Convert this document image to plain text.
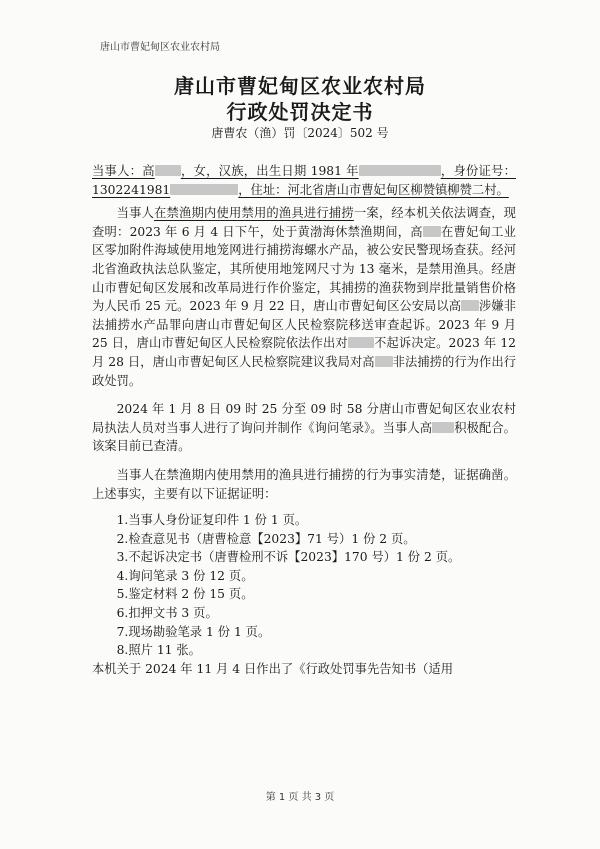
唐山市曹妃甸区农业农村局
唐山市曹妃甸区农业农村局
行政处罚决定书
唐曹农（渔）罚〔2024〕502 号

当事人：高 ，女，汉族，出生日期 1981 年	，身份证号：1302241981	，住址：河北省唐山市曹妃甸区柳赞镇柳赞二村。

当事人在禁渔期内使用禁用的渔具进行捕捞一案，经本机关依法调查，现查明：2023 年 6 月 4 日下午，处于黄渤海休禁渔期间，高 在曹妃甸工业区零加附件海域使用地笼网进行捕捞海螺水产品，被公安民警现场查获。经河北省渔政执法总队鉴定，其所使用地笼网尺寸为 13 毫米，是禁用渔具。经唐山市曹妃甸区发展和改革局进行作价鉴定，其捕捞的渔获物到岸批量销售价格为人民币 25 元。2023 年 9 月 22 日，唐山市曹妃甸区公安局以高 涉嫌非法捕捞水产品罪向唐山市曹妃甸区人民检察院移送审查起诉。2023 年 9 月 25 日，唐山市曹妃甸区人民检察院依法作出对 不起诉决定。2023 年 12 月 28 日，唐山市曹妃甸区人民检察院建议我局对高 非法捕捞的行为作出行政处罚。

2024 年 1 月 8 日 09 时 25 分至 09 时 58 分唐山市曹妃甸区农业农村局执法人员对当事人进行了询问并制作《询问笔录》。当事人高 积极配合。该案目前已查清。

当事人在禁渔期内使用禁用的渔具进行捕捞的行为事实清楚，证据确凿。上述事实，主要有以下证据证明：

1.当事人身份证复印件 1 份 1 页。

2.检查意见书（唐曹检意【2023】71 号）1 份 2 页。

3.不起诉决定书（唐曹检刑不诉【2023】170 号）1 份 2 页。

4.询问笔录 3 份 12 页。

5.鉴定材料 2 份 15 页。

6.扣押文书 3 页。

7.现场勘验笔录 1 份 1 页。

8.照片 11 张。

本机关于 2024 年 11 月 4 日作出了《行政处罚事先告知书（适用

第 1 页 共 3 页
